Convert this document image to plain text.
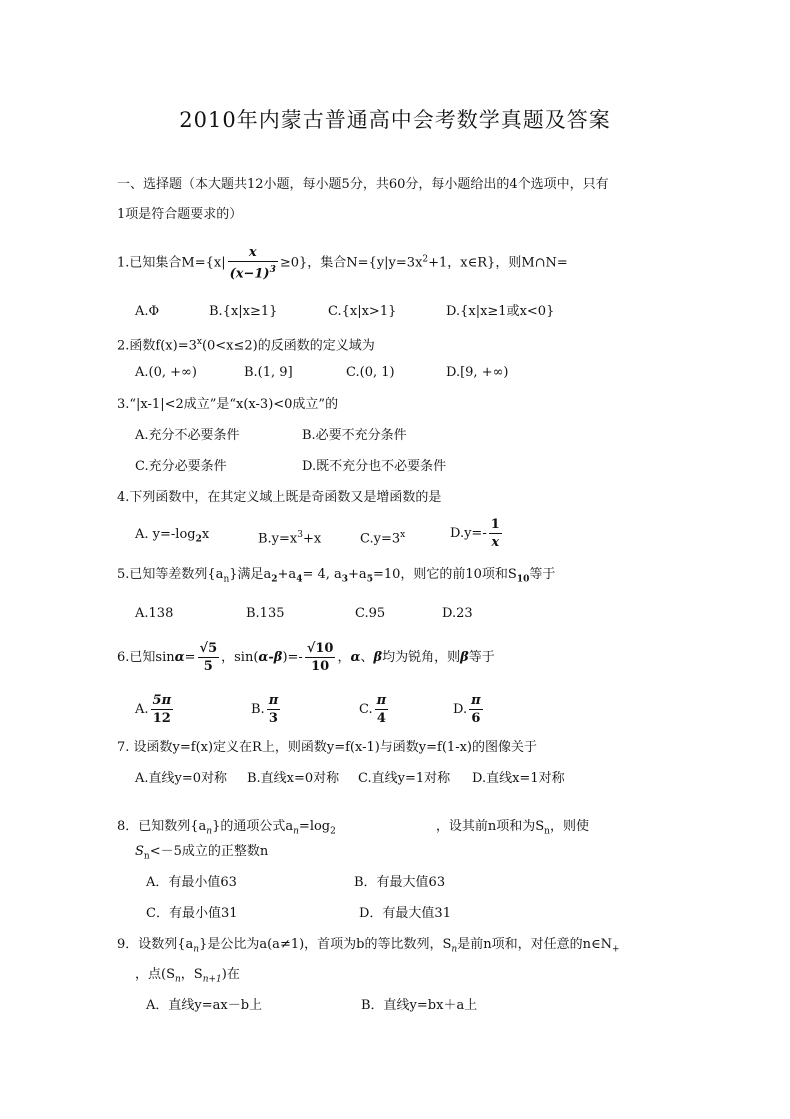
2010年内蒙古普通高中会考数学真题及答案
一、选择题（本大题共12小题，每小题5分，共60分，每小题给出的4个选项中，只有
1项是符合题要求的）
1.已知集合$M=\{x| \frac{x}{(x-1)^3} \ge 0\}$，集合$N=\{y|y=3x^2+1$，x∈R}，则M∩N=
A.Φ	B.{x|x≥1}	C.{x|x>1}	D.{x|x≥1或x<0}
2.函数$f(x)=3^x(0<x\le 2)$的反函数的定义域为
A.(0, +∞)	B.(1, 9]	C.(0, 1)	D.[9, +∞)
3.“|x-1|<2成立”是“x(x-3)<0成立”的
A.充分不必要条件	B.必要不充分条件
C.充分必要条件	D.既不充分也不必要条件
4.下列函数中，在其定义域上既是奇函数又是增函数的是
A. $y=-\log_2x$	$B.y=x^3+x$	$C.y=3^x$	$D.y=- \frac{1}{x}$
5.已知等差数列$\{a_n\}$满足$a_2+a_4= 4$, $a_3+a_5=10$，则它的前10项和$S_{10}$等于
A.138	B.135	C.95	D.23
6.已知$\sin\alpha= \frac{√5}{5}$ ，$\sin(\alpha-\beta)=- \frac{√10}{10}$ ，α、β均为锐角，则β等于
A. $\frac{5\pi}{12}$	B. $\frac{\pi}{3}$	C. $\frac{\pi}{4}$	D. $\frac{\pi}{6}$
7. 设函数y=f(x)定义在R上，则函数y=f(x-1)与函数y=f(1-x)的图像关于
A.直线y=0对称 B.直线x=0对称 C.直线y=1对称 D.直线x=1对称
8．已知数列$\{a_n\}$的通项公式$a_n=\log_2$	，设其前n项和为$S_n$，则使
$S_n<-5$成立的正整数n
A．有最小值63	B．有最大值63
C．有最小值31	D．有最大值31
9．设数列$\{a_n\}$是公比为a(a≠1)，首项为b的等比数列，$S_n$是前n项和，对任意的$n\in N_+$
，点($S_n$，$S_{n+1}$)在
A．直线y=ax－b上	B．直线y=bx＋a上
